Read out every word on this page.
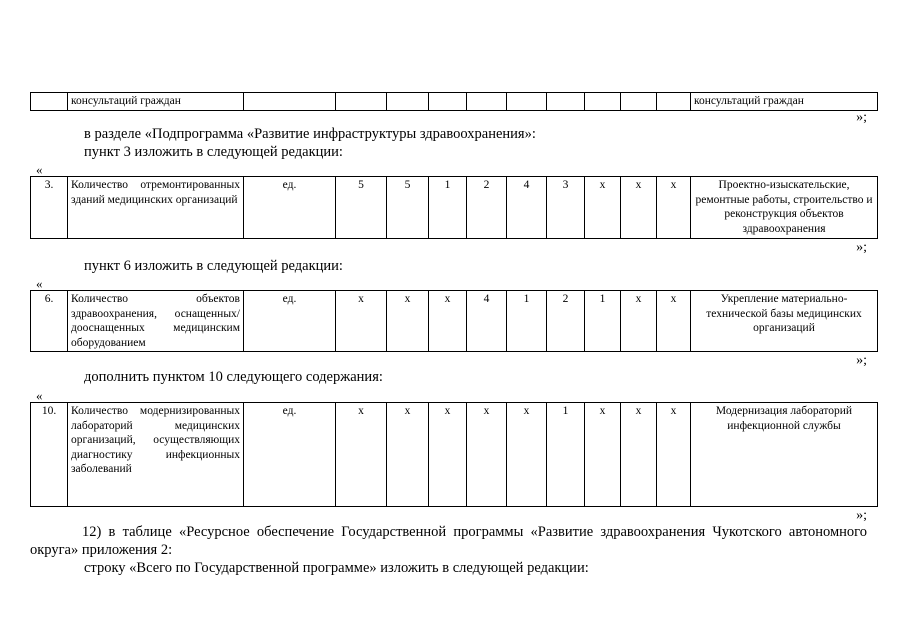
	консультаций граждан											консультаций граждан
»;
в разделе «Подпрограмма «Развитие инфраструктуры здравоохранения»:
пункт 3 изложить в следующей редакции:
«
3.	Количество отремонтированных зданий медицинских организаций	ед.	5	5	1	2	4	3	х	х	х	Проектно-изыскательские, ремонтные работы, строительство и реконструкция объектов здравоохранения
»;
пункт 6 изложить в следующей редакции:
«
6.	Количество объектов здравоохранения, оснащенных/дооснащенных медицинским оборудованием	ед.	х	х	х	4	1	2	1	х	х	Укрепление материально-технической базы медицинских организаций
»;
дополнить пунктом 10 следующего содержания:
«
10.	Количество модернизированных лабораторий медицинских организаций, осуществляющих диагностику инфекционных заболеваний	ед.	х	х	х	х	х	1	х	х	х	Модернизация лабораторий инфекционной службы
»;
12) в таблице «Ресурсное обеспечение Государственной программы «Развитие здравоохранения Чукотского автономного округа» приложения 2:
строку «Всего по Государственной программе» изложить в следующей редакции:
